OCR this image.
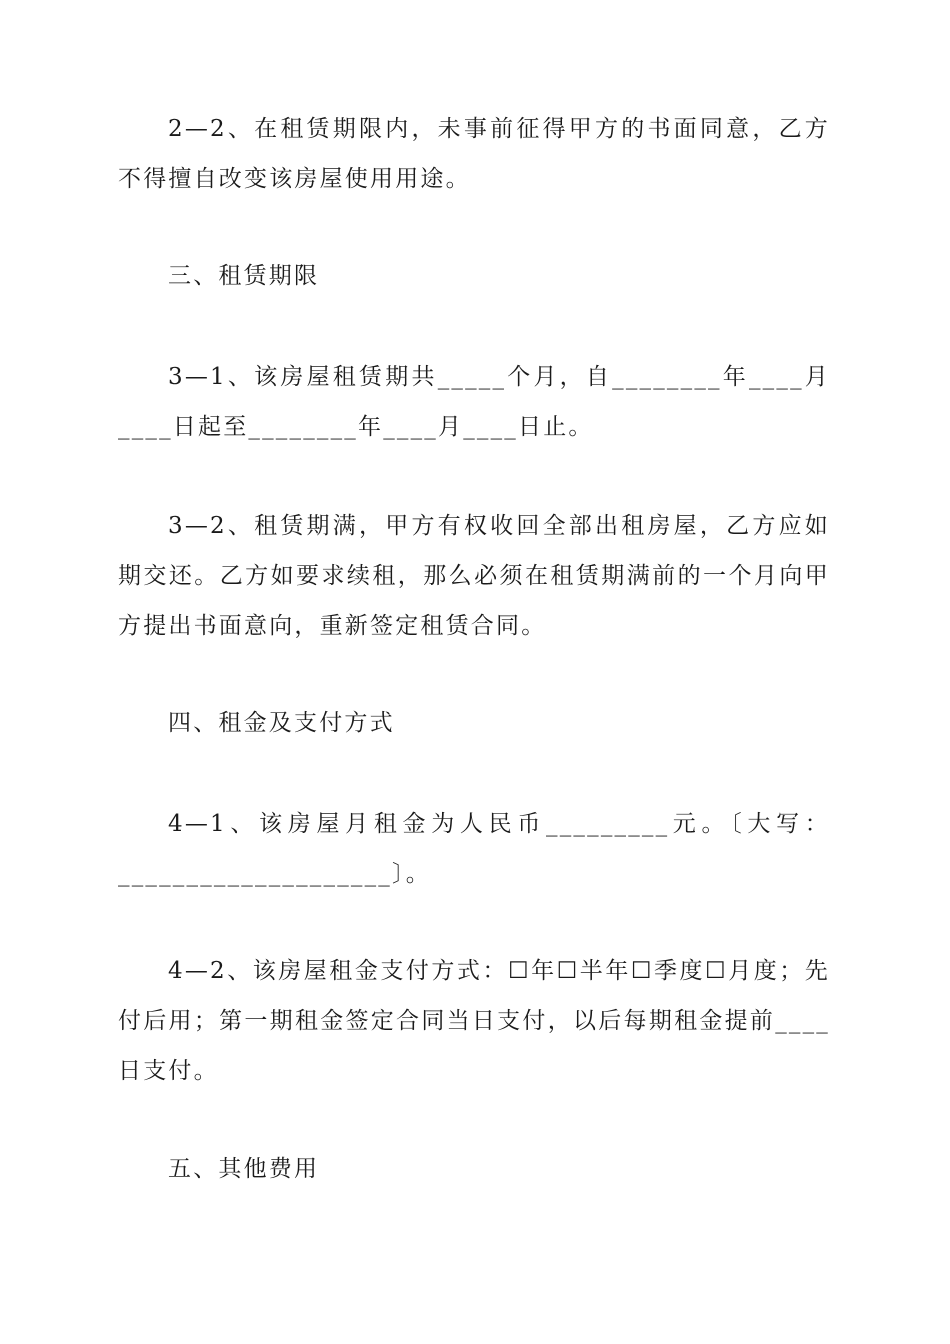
2—2、在租赁期限内，未事前征得甲方的书面同意，乙方不得擅自改变该房屋使用用途。

三、租赁期限

3—1、该房屋租赁期共_____个月，自________年____月____日起至________年____月____日止。

3—2、租赁期满，甲方有权收回全部出租房屋，乙方应如期交还。乙方如要求续租，那么必须在租赁期满前的一个月向甲方提出书面意向，重新签定租赁合同。

四、租金及支付方式

4—1、该房屋月租金为人民币_________元。〔大写：____________________〕。

4—2、该房屋租金支付方式：☐年☐半年☐季度☐月度；先付后用；第一期租金签定合同当日支付，以后每期租金提前____日支付。

五、其他费用
